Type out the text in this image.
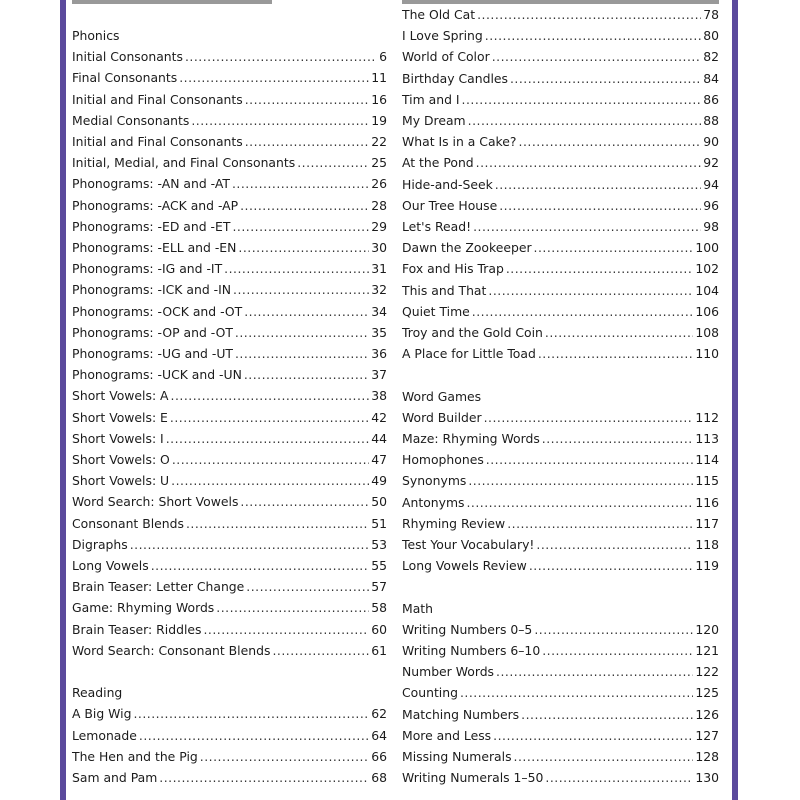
Phonics
Initial Consonants .....	6
Final Consonants .....	11
Initial and Final Consonants .....	16
Medial Consonants .....	19
Initial and Final Consonants .....	22
Initial, Medial, and Final Consonants .....	25
Phonograms: -AN and -AT .....	26
Phonograms: -ACK and -AP .....	28
Phonograms: -ED and -ET .....	29
Phonograms: -ELL and -EN .....	30
Phonograms: -IG and -IT .....	31
Phonograms: -ICK and -IN .....	32
Phonograms: -OCK and -OT .....	34
Phonograms: -OP and -OT .....	35
Phonograms: -UG and -UT .....	36
Phonograms: -UCK and -UN .....	37
Short Vowels: A .....	38
Short Vowels: E .....	42
Short Vowels: I .....	44
Short Vowels: O .....	47
Short Vowels: U .....	49
Word Search: Short Vowels .....	50
Consonant Blends .....	51
Digraphs .....	53
Long Vowels .....	55
Brain Teaser: Letter Change .....	57
Game: Rhyming Words .....	58
Brain Teaser: Riddles .....	60
Word Search: Consonant Blends .....	61
Reading
A Big Wig .....	62
Lemonade .....	64
The Hen and the Pig .....	66
Sam and Pam .....	68
The Old Cat .....	78
I Love Spring .....	80
World of Color .....	82
Birthday Candles .....	84
Tim and I .....	86
My Dream .....	88
What Is in a Cake? .....	90
At the Pond .....	92
Hide-and-Seek .....	94
Our Tree House .....	96
Let's Read! .....	98
Dawn the Zookeeper .....	100
Fox and His Trap .....	102
This and That .....	104
Quiet Time .....	106
Troy and the Gold Coin .....	108
A Place for Little Toad .....	110
Word Games
Word Builder .....	112
Maze: Rhyming Words .....	113
Homophones .....	114
Synonyms .....	115
Antonyms .....	116
Rhyming Review .....	117
Test Your Vocabulary! .....	118
Long Vowels Review .....	119
Math
Writing Numbers 0–5 .....	120
Writing Numbers 6–10 .....	121
Number Words .....	122
Counting .....	125
Matching Numbers .....	126
More and Less .....	127
Missing Numerals .....	128
Writing Numerals 1–50 .....	130
